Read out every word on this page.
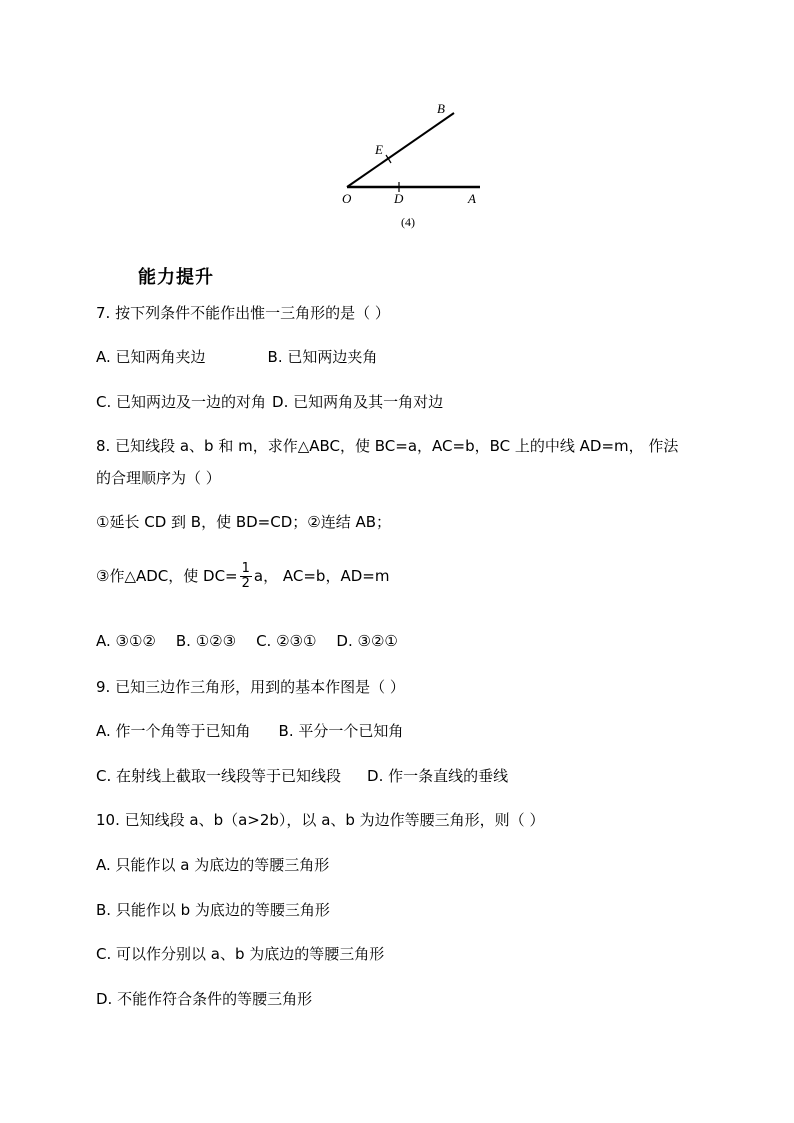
B
E
O	D	A
(4)
能力提升
7. 按下列条件不能作出惟一三角形的是（ ）
A. 已知两角夹边	B. 已知两边夹角
C. 已知两边及一边的对角 D. 已知两角及其一角对边
8. 已知线段 a、b 和 m，求作△ABC，使 BC=a，AC=b，BC 上的中线 AD=m， 作法
的合理顺序为（ ）
①延长 CD 到 B，使 BD=CD；②连结 AB；
③作△ADC，使 $DC= \frac{1}{2}$ a， AC=b，AD=m
A. ③①② B. ①②③ C. ②③① D. ③②①
9. 已知三边作三角形，用到的基本作图是（ ）
A. 作一个角等于已知角 B. 平分一个已知角
C. 在射线上截取一线段等于已知线段 D. 作一条直线的垂线
10. 已知线段 a、b（a>2b），以 a、b 为边作等腰三角形，则（ ）
A. 只能作以 a 为底边的等腰三角形
B. 只能作以 b 为底边的等腰三角形
C. 可以作分别以 a、b 为底边的等腰三角形
D. 不能作符合条件的等腰三角形
